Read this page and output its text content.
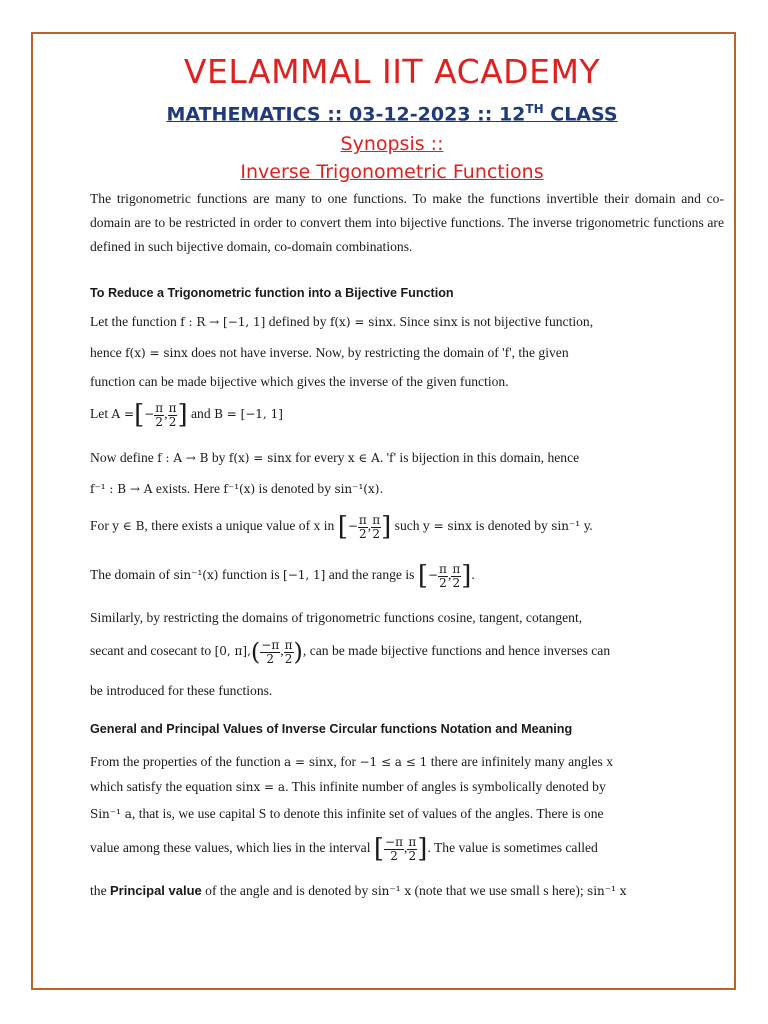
VELAMMAL IIT ACADEMY
MATHEMATICS :: 03-12-2023 :: 12TH CLASS
Synopsis ::
Inverse Trigonometric Functions

The trigonometric functions are many to one functions. To make the functions invertible their domain and co-domain are to be restricted in order to convert them into bijective functions. The inverse trigonometric functions are defined in such bijective domain, co-domain combinations.

To Reduce a Trigonometric function into a Bijective Function

Let the function f : R → [−1, 1] defined by f(x) = sinx. Since sinx is not bijective function,
hence f(x) = sinx does not have inverse. Now, by restricting the domain of 'f', the given
function can be made bijective which gives the inverse of the given function.
Let A =[− $\frac{\pi}{2}$ , $\frac{\pi}{2}$ ] and B = [−1, 1]
Now define f : A → B by f(x) = sinx for every x ∈ A. 'f' is bijection in this domain, hence
f⁻¹ : B → A exists. Here f⁻¹(x) is denoted by sin⁻¹(x).
For y ∈ B, there exists a unique value of x in [− $\frac{\pi}{2}$ , $\frac{\pi}{2}$ ] such y = sinx is denoted by sin⁻¹ y.
The domain of sin⁻¹(x) function is [−1, 1] and the range is [− $\frac{\pi}{2}$ , $\frac{\pi}{2}$ ].
Similarly, by restricting the domains of trigonometric functions cosine, tangent, cotangent,
secant and cosecant to [0, $\pi],( \frac{-\pi}{2}$ , $\frac{\pi}{2}$ ), can be made bijective functions and hence inverses can
be introduced for these functions.

General and Principal Values of Inverse Circular functions Notation and Meaning

From the properties of the function a = sinx, for −1 ≤ a ≤ 1 there are infinitely many angles x
which satisfy the equation sinx = a. This infinite number of angles is symbolically denoted by
Sin⁻¹ a, that is, we use capital S to denote this infinite set of values of the angles. There is one
value among these values, which lies in the interval [ $\frac{-\pi}{2}$ , $\frac{\pi}{2}$ ]. The value is sometimes called
the Principal value of the angle and is denoted by sin⁻¹ x (note that we use small s here); sin⁻¹ x
